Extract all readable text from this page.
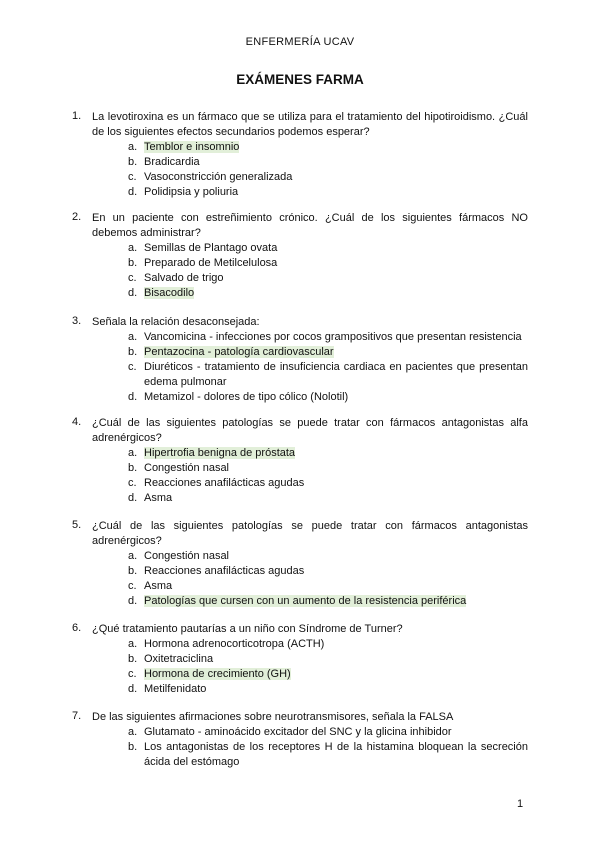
ENFERMERÍA UCAV
EXÁMENES FARMA
1. La levotiroxina es un fármaco que se utiliza para el tratamiento del hipotiroidismo. ¿Cuál de los siguientes efectos secundarios podemos esperar?
a. Temblor e insomnio
b. Bradicardia
c. Vasoconstricción generalizada
d. Polidipsia y poliuria
2. En un paciente con estreñimiento crónico. ¿Cuál de los siguientes fármacos NO debemos administrar?
a. Semillas de Plantago ovata
b. Preparado de Metilcelulosa
c. Salvado de trigo
d. Bisacodilo
3. Señala la relación desaconsejada:
a. Vancomicina - infecciones por cocos grampositivos que presentan resistencia
b. Pentazocina - patología cardiovascular
c. Diuréticos - tratamiento de insuficiencia cardiaca en pacientes que presentan edema pulmonar
d. Metamizol - dolores de tipo cólico (Nolotil)
4. ¿Cuál de las siguientes patologías se puede tratar con fármacos antagonistas alfa adrenérgicos?
a. Hipertrofia benigna de próstata
b. Congestión nasal
c. Reacciones anafilácticas agudas
d. Asma
5. ¿Cuál de las siguientes patologías se puede tratar con fármacos antagonistas adrenérgicos?
a. Congestión nasal
b. Reacciones anafilácticas agudas
c. Asma
d. Patologías que cursen con un aumento de la resistencia periférica
6. ¿Qué tratamiento pautarías a un niño con Síndrome de Turner?
a. Hormona adrenocorticotropa (ACTH)
b. Oxitetraciclina
c. Hormona de crecimiento (GH)
d. Metilfenidato
7. De las siguientes afirmaciones sobre neurotransmisores, señala la FALSA
a. Glutamato - aminoácido excitador del SNC y la glicina inhibidor
b. Los antagonistas de los receptores H de la histamina bloquean la secreción ácida del estómago
1
